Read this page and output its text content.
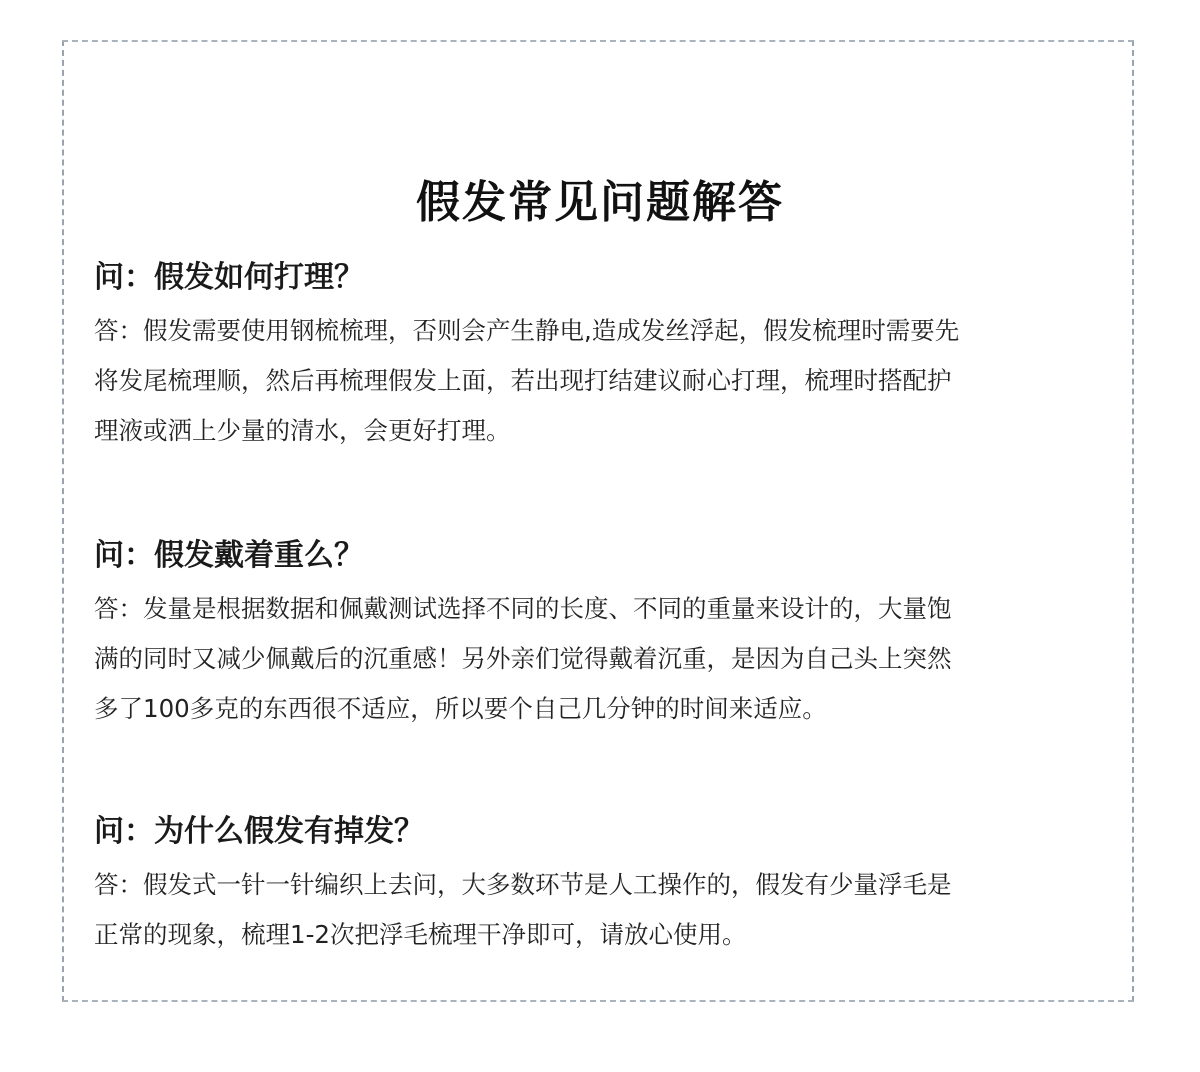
假发常见问题解答
问：假发如何打理？

答：假发需要使用钢梳梳理，否则会产生静电,造成发丝浮起，假发梳理时需要先
将发尾梳理顺，然后再梳理假发上面，若出现打结建议耐心打理，梳理时搭配护
理液或洒上少量的清水，会更好打理。

问：假发戴着重么？

答：发量是根据数据和佩戴测试选择不同的长度、不同的重量来设计的，大量饱
满的同时又减少佩戴后的沉重感！另外亲们觉得戴着沉重，是因为自己头上突然
多了100多克的东西很不适应，所以要个自己几分钟的时间来适应。

问：为什么假发有掉发？

答：假发式一针一针编织上去问，大多数环节是人工操作的，假发有少量浮毛是
正常的现象，梳理1-2次把浮毛梳理干净即可，请放心使用。
